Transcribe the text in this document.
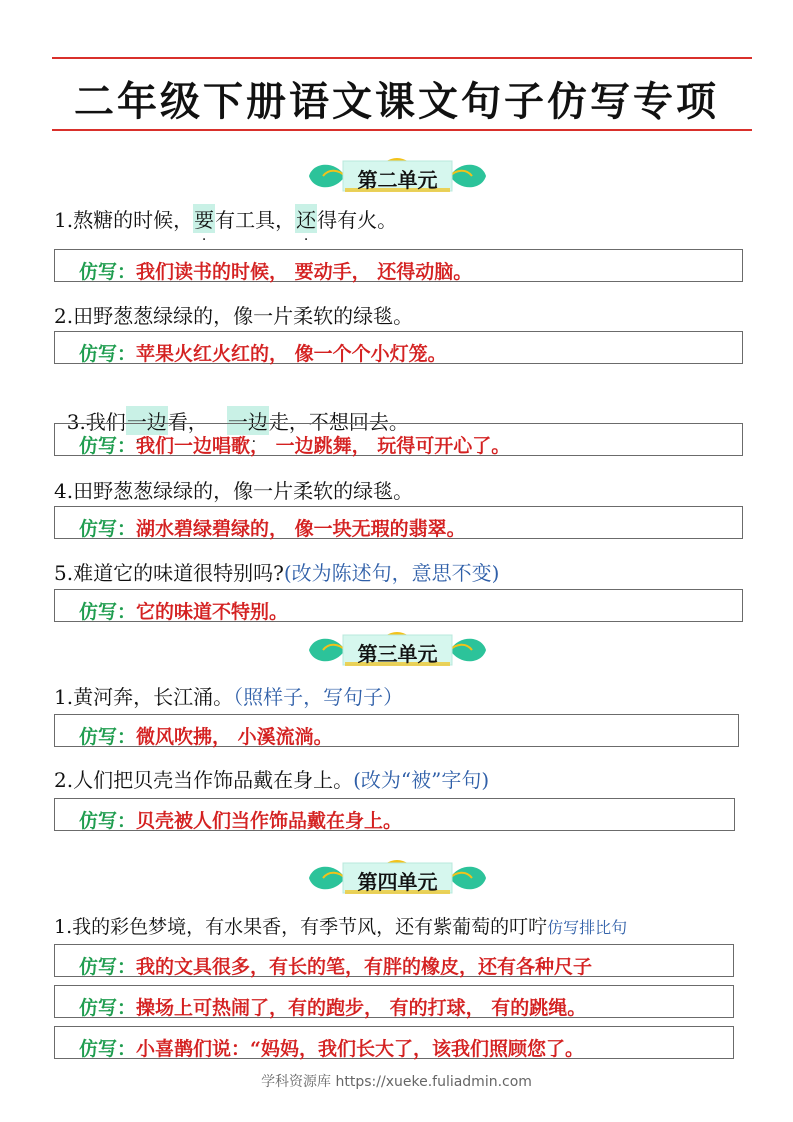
二年级下册语文课文句子仿写专项
第二单元
1.熬糖的时候，要有工具，还得有火。
仿写：我们读书的时候， 要动手， 还得动脑。
2.田野葱葱绿绿的，像一片柔软的绿毯。
仿写：苹果火红火红的， 像一个个小灯笼。

3.我们一边 · ·看，   一边 · ·走，不想回去。

仿写：我们一边唱歌， 一边跳舞， 玩得可开心了。
4.田野葱葱绿绿的，像一片柔软的绿毯。
仿写：湖水碧绿碧绿的， 像一块无瑕的翡翠。
5.难道它的味道很特别吗?(改为陈述句，意思不变)
仿写：它的味道不特别。
第三单元
1.黄河奔，长江涌。（照样子，写句子）
仿写：微风吹拂， 小溪流淌。
2.人们把贝壳当作饰品戴在身上。(改为“被”字句)
仿写：贝壳被人们当作饰品戴在身上。
第四单元
1.我的彩色梦境，有水果香，有季节风，还有紫葡萄的叮咛仿写排比句
仿写：我的文具很多，有长的笔，有胖的橡皮，还有各种尺子
仿写：操场上可热闹了，有的跑步， 有的打球， 有的跳绳。
仿写：小喜鹊们说：“妈妈，我们长大了，该我们照顾您了。
学科资源库 https://xueke.fuliadmin.com
